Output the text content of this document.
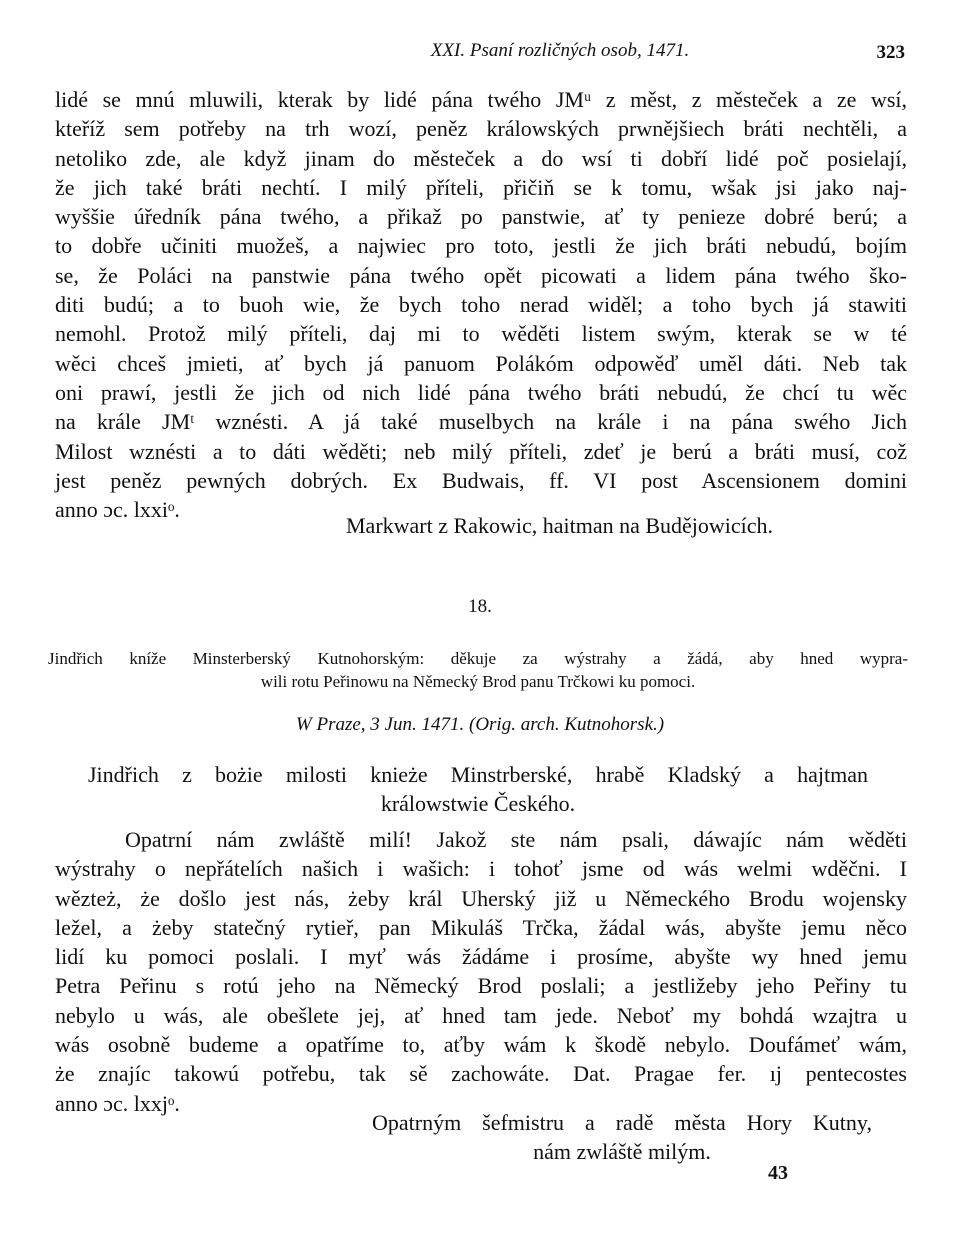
XXI. Psaní rozličných osob, 1471.	323
lidé se mnú mluwili, kterak by lidé pána twého JMᵘ z měst, z městeček a ze wsí,
kteříž sem potřeby na trh wozí, peněz králowských prwnějšiech bráti nechtěli, a
netoliko zde, ale když jinam do městeček a do wsí ti dobří lidé poč posielají,
že jich také bráti nechtí. I milý příteli, přičiň se k tomu, wšak jsi jako naj-
wyššie úředník pána twého, a přikaž po panstwie, ať ty penieze dobré berú; a
to dobře učiniti muožeš, a najwiec pro toto, jestli že jich bráti nebudú, bojím
se, že Poláci na panstwie pána twého opět picowati a lidem pána twého ško-
diti budú; a to buoh wie, že bych toho nerad widěl; a toho bych já stawiti
nemohl. Protož milý příteli, daj mi to wěděti listem swým, kterak se w té
wěci chceš jmieti, ať bych já panuom Polákóm odpowěď uměl dáti. Neb tak
oni prawí, jestli že jich od nich lidé pána twého bráti nebudú, že chcí tu wěc
na krále JMᵗ wznésti. A já také muselbych na krále i na pána swého Jich
Milost wznésti a to dáti wěděti; neb milý příteli, zdeť je berú a bráti musí, což
jest peněz pewných dobrých. Ex Budwais, ff. VI post Ascensionem domini
anno ɔc. lxxiᵒ.
Markwart z Rakowic, haitman na Budějowicích.
18.
Jindřich kníže Minsterberský Kutnohorským: děkuje za wýstrahy a žádá, aby hned wypra-
wili rotu Peřinowu na Německý Brod panu Trčkowi ku pomoci.
W Praze, 3 Jun. 1471. (Orig. arch. Kutnohorsk.)
Jindřich z bożie milosti knieże Minstrberské, hrabě Kladský a hajtman
králowstwie Českého.
Opatrní nám zwláště milí! Jakož ste nám psali, dáwajíc nám wěděti
wýstrahy o nepřátelích našich i wašich: i tohoť jsme od wás welmi wděčni. I
wězteż, że došlo jest nás, żeby král Uherský již u Německého Brodu wojensky
ležel, a żeby statečný rytieř, pan Mikuláš Trčka, žádal wás, abyšte jemu něco
lidí ku pomoci poslali. I myť wás žádáme i prosíme, abyšte wy hned jemu
Petra Peřinu s rotú jeho na Německý Brod poslali; a jestližeby jeho Peřiny tu
nebylo u wás, ale obešlete jej, ať hned tam jede. Neboť my bohdá wzajtra u
wás osobně budeme a opatříme to, aťby wám k škodě nebylo. Doufámeť wám,
że znajíc takowú potřebu, tak sě zachowáte. Dat. Pragae fer. ıj pentecostes
anno ɔc. lxxjᵒ.
Opatrným šefmistru a radě města Hory Kutny,
nám zwláště milým.
43
